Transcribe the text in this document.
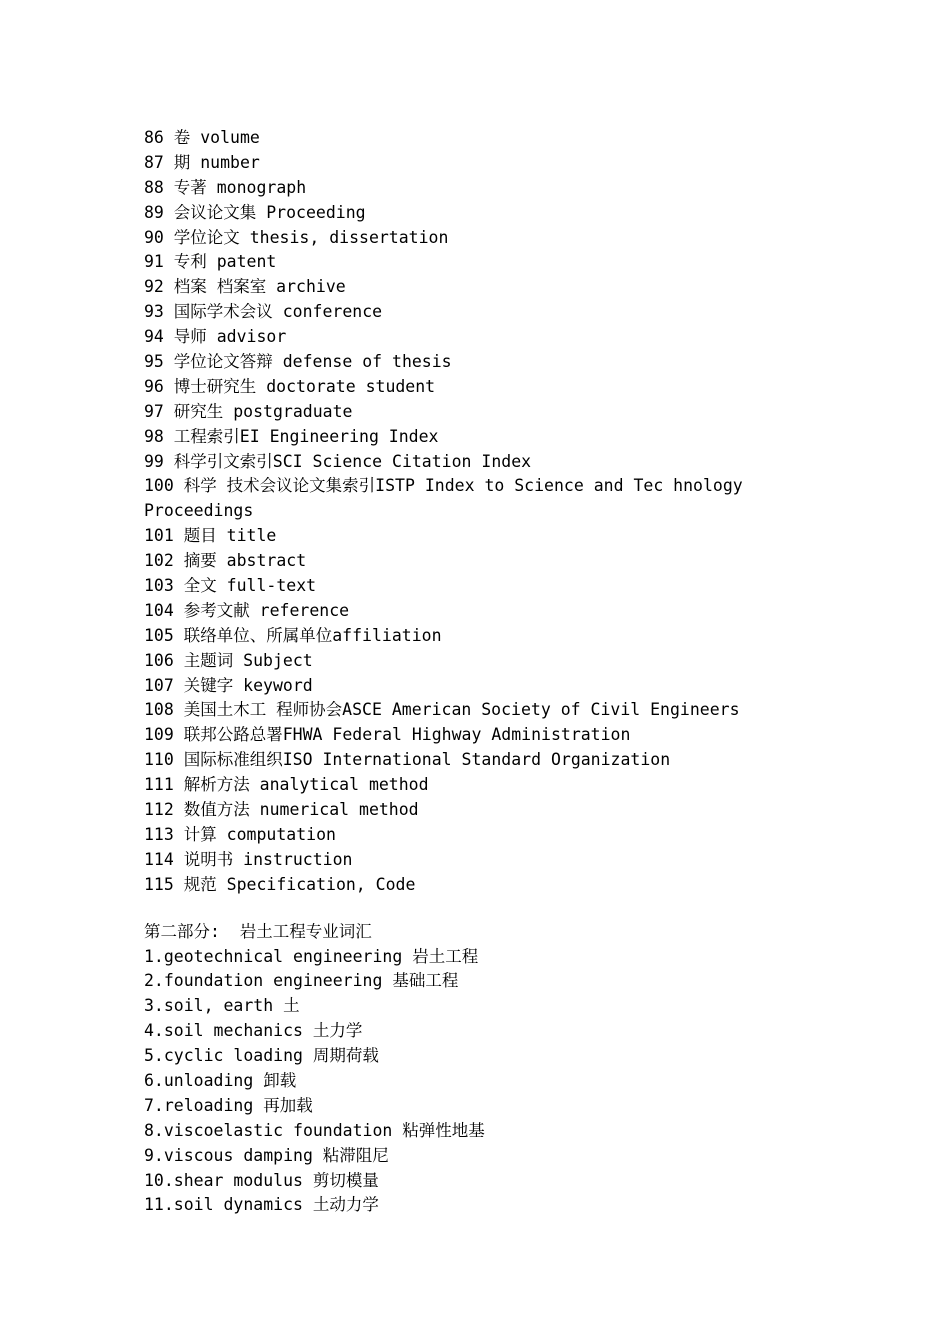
86 卷 volume
87 期 number
88 专著 monograph
89 会议论文集 Proceeding
90 学位论文 thesis, dissertation
91 专利 patent
92 档案 档案室 archive
93 国际学术会议 conference
94 导师 advisor
95 学位论文答辩 defense of thesis
96 博士研究生 doctorate student
97 研究生 postgraduate
98 工程索引EI Engineering Index
99 科学引文索引SCI Science Citation Index
100 科学 技术会议论文集索引ISTP Index to Science and Tec hnology
Proceedings
101 题目 title
102 摘要 abstract
103 全文 full-text
104 参考文献 reference
105 联络单位、所属单位affiliation
106 主题词 Subject
107 关键字 keyword
108 美国土木工 程师协会ASCE American Society of Civil Engineers
109 联邦公路总署FHWA Federal Highway Administration
110 国际标准组织ISO International Standard Organization
111 解析方法 analytical method
112 数值方法 numerical method
113 计算 computation
114 说明书 instruction
115 规范 Specification, Code
第二部分:  岩土工程专业词汇
1.geotechnical engineering 岩土工程
2.foundation engineering 基础工程
3.soil, earth 土
4.soil mechanics 土力学
5.cyclic loading 周期荷载
6.unloading 卸载
7.reloading 再加载
8.viscoelastic foundation 粘弹性地基
9.viscous damping 粘滞阻尼
10.shear modulus 剪切模量
11.soil dynamics 土动力学
